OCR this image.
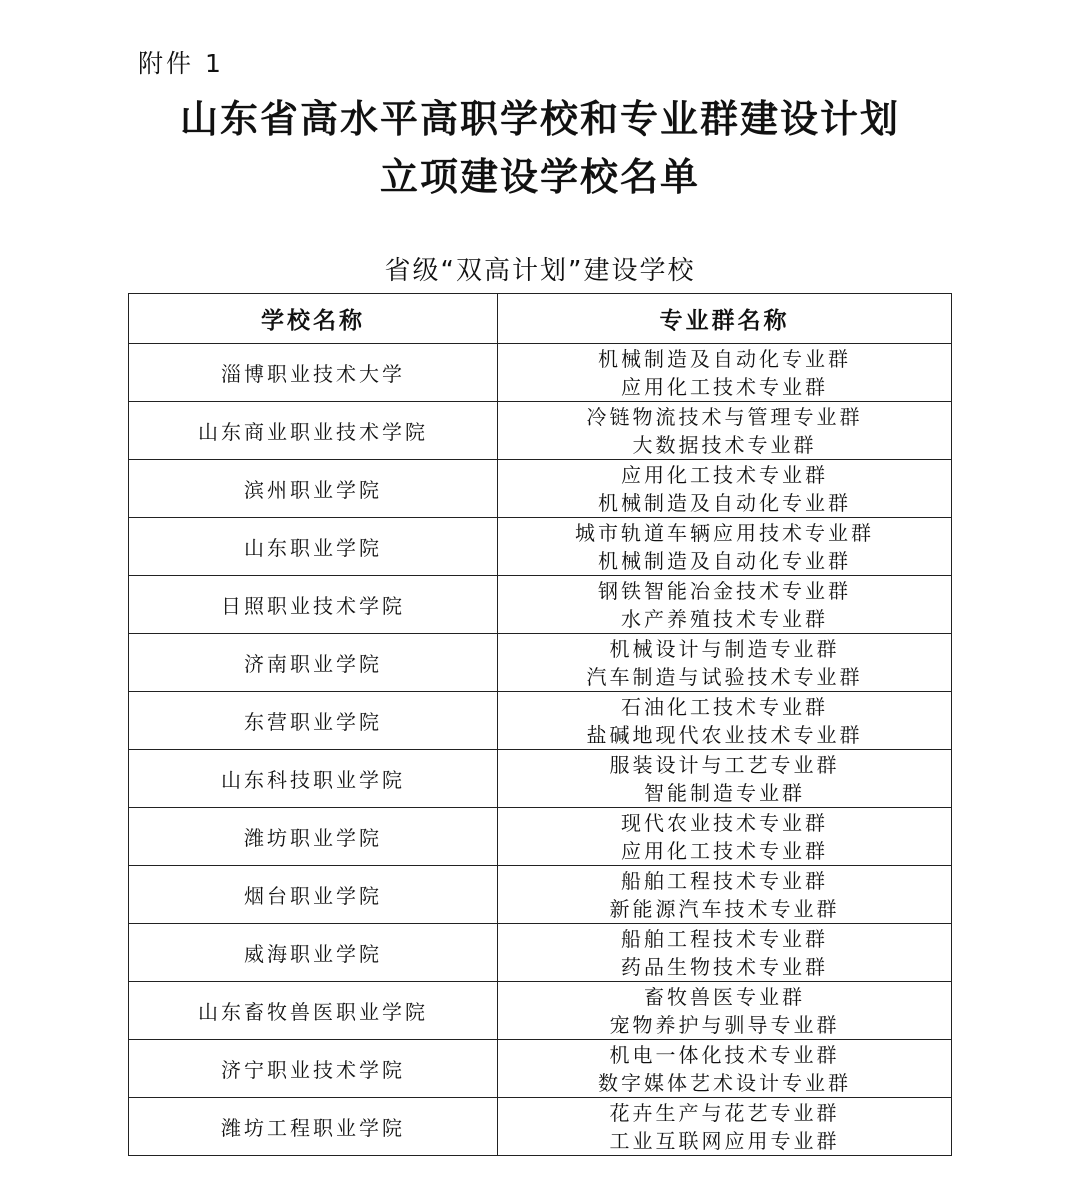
附件 1
山东省高水平高职学校和专业群建设计划
立项建设学校名单
省级“双高计划”建设学校
学校名称	专业群名称
淄博职业技术大学	机械制造及自动化专业群
应用化工技术专业群

山东商业职业技术学院	冷链物流技术与管理专业群
大数据技术专业群

滨州职业学院	应用化工技术专业群
机械制造及自动化专业群

山东职业学院	城市轨道车辆应用技术专业群
机械制造及自动化专业群

日照职业技术学院	钢铁智能冶金技术专业群
水产养殖技术专业群

济南职业学院	机械设计与制造专业群
汽车制造与试验技术专业群

东营职业学院	石油化工技术专业群
盐碱地现代农业技术专业群

山东科技职业学院	服装设计与工艺专业群
智能制造专业群

潍坊职业学院	现代农业技术专业群
应用化工技术专业群

烟台职业学院	船舶工程技术专业群
新能源汽车技术专业群

威海职业学院	船舶工程技术专业群
药品生物技术专业群

山东畜牧兽医职业学院	畜牧兽医专业群
宠物养护与驯导专业群

济宁职业技术学院	机电一体化技术专业群
数字媒体艺术设计专业群

潍坊工程职业学院	花卉生产与花艺专业群
工业互联网应用专业群
